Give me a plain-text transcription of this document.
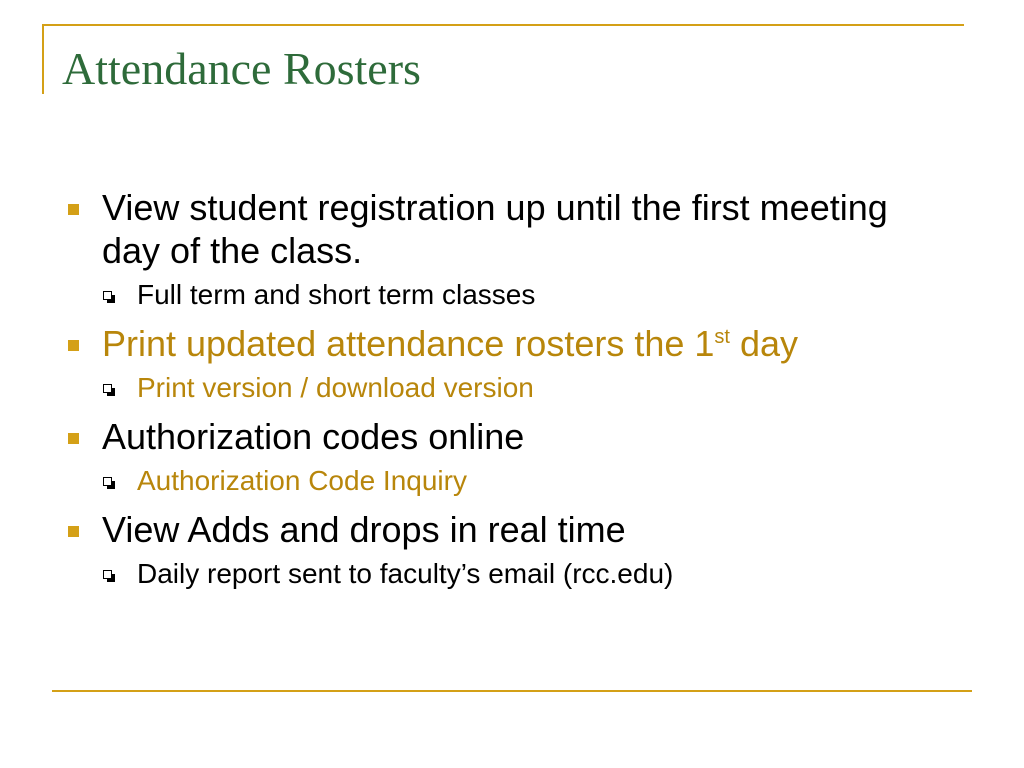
Attendance Rosters
View student registration up until the first meeting day of the class.
Full term and short term classes
Print updated attendance rosters the 1st day
Print version / download version
Authorization codes online
Authorization Code Inquiry
View Adds and drops in real time
Daily report sent to faculty’s email (rcc.edu)
